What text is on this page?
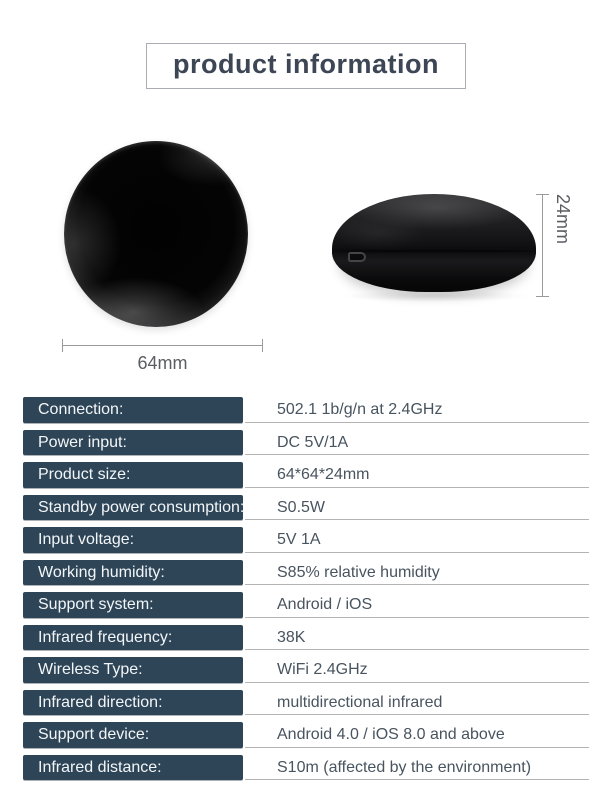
product information
64mm
24mm
Connection:	502.1 1b/g/n at 2.4GHz
Power input:	DC 5V/1A
Product size:	64*64*24mm
Standby power consumption:	S0.5W
Input voltage:	5V 1A
Working humidity:	S85% relative humidity
Support system:	Android / iOS
Infrared frequency:	38K
Wireless Type:	WiFi 2.4GHz
Infrared direction:	multidirectional infrared
Support device:	Android 4.0 / iOS 8.0 and above
Infrared distance:	S10m (affected by the environment)
